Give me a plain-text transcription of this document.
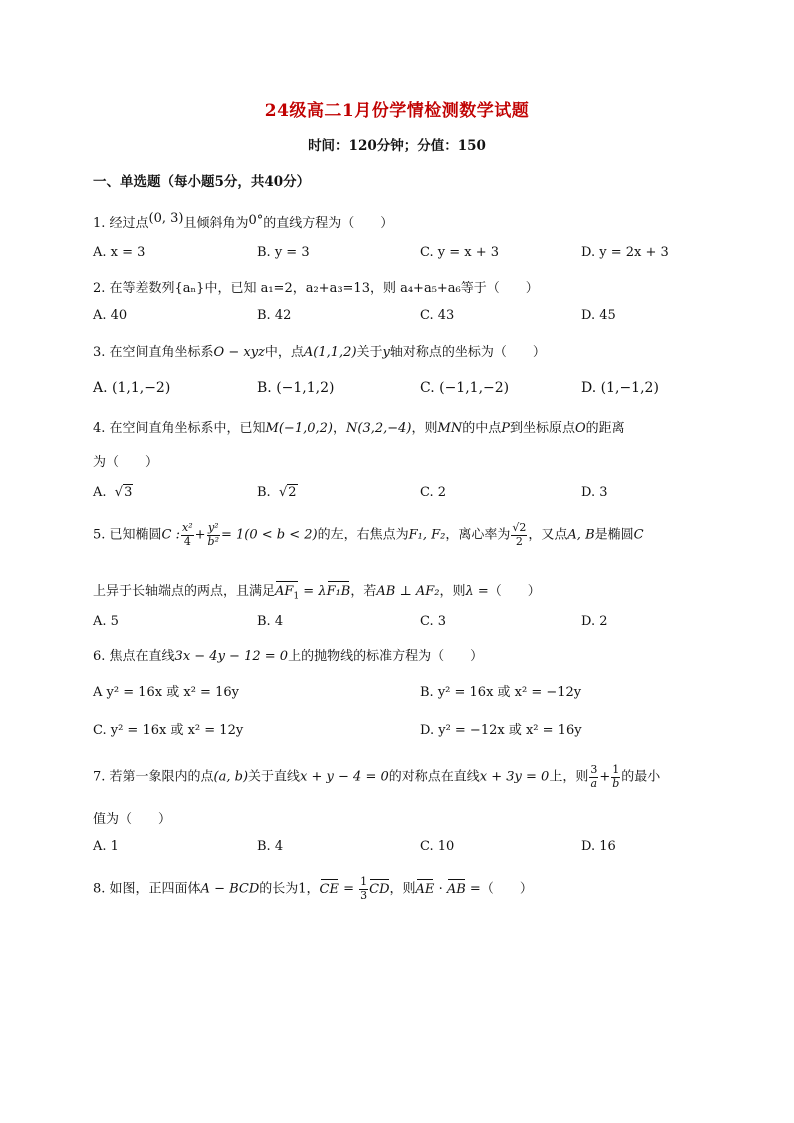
24级高二1月份学情检测数学试题
时间：120分钟；分值：150
一、单选题（每小题5分，共40分）
1. 经过点(0, 3)且倾斜角为0°的直线方程为（　　）
A. x = 3	B. y = 3	C. y = x + 3	D. y = 2x + 3
2. 在等差数列{aₙ}中，已知 a₁=2，a₂+a₃=13，则 a₄+a₅+a₆等于（　　）
A. 40	B. 42	C. 43	D. 45
3. 在空间直角坐标系O − xyz中，点A(1,1,2)关于y轴对称点的坐标为（　　）
A. (1,1,−2)	B. (−1,1,2)	C. (−1,1,−2)	D. (1,−1,2)
4. 在空间直角坐标系中，已知M(−1,0,2)，N(3,2,−4)，则MN的中点P到坐标原点O的距离
为（　　）
A. √3	B. √2	C. 2	D. 3
5. 已知椭圆C : $\frac{\text{x²}}{4} + \frac{\text{y²}}{\text{b²}} = 1(0 < b < 2)$的左，右焦点为F₁, F₂，离心率为 $\frac{√2}{2}$ ，又点A, B是椭圆C
上异于长轴端点的两点，且满足$AF_1 = \lambda F_1B$，若AB ⊥ AF₂，则λ =（　　）
A. 5	B. 4	C. 3	D. 2
6. 焦点在直线3x − 4y − 12 = 0上的抛物线的标准方程为（　　）
A y² = 16x 或 x² = 16y	B. y² = 16x 或 x² = −12y
C. y² = 16x 或 x² = 12y	D. y² = −12x 或 x² = 16y
7. 若第一象限内的点(a, b)关于直线x + y − 4 = 0的对称点在直线x + 3y = 0上，则 $\frac{3}{a} + \frac{1}{b}$ 的最小
值为（　　）
A. 1	B. 4	C. 10	D. 16
8. 如图，正四面体A − BCD的长为1，CE = $\frac{1}{3}$ CD，则AE · AB =（　　）
